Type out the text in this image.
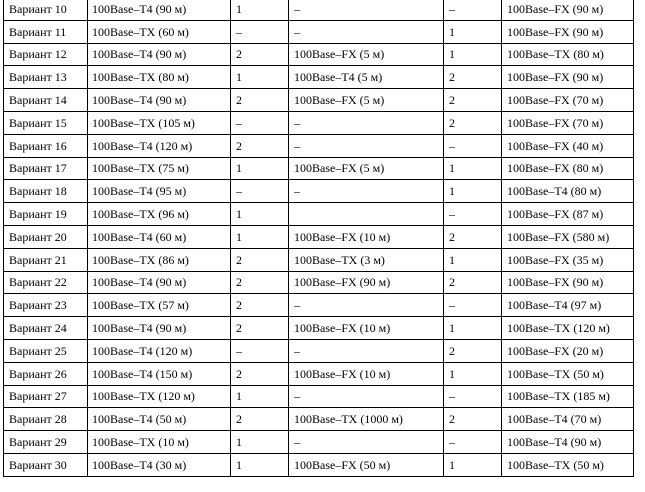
Вариант 10	100Base–T4 (90 м)	1	–	–	100Base–FX (90 м)
Вариант 11	100Base–TX (60 м)	–	–	1	100Base–FX (90 м)
Вариант 12	100Base–T4 (90 м)	2	100Base–FX (5 м)	1	100Base–TX (80 м)
Вариант 13	100Base–TX (80 м)	1	100Base–T4 (5 м)	2	100Base–FX (90 м)
Вариант 14	100Base–T4 (90 м)	2	100Base–FX (5 м)	2	100Base–FX (70 м)
Вариант 15	100Base–TX (105 м)	–	–	2	100Base–FX (70 м)
Вариант 16	100Base–T4 (120 м)	2	–	–	100Base–FX (40 м)
Вариант 17	100Base–TX (75 м)	1	100Base–FX (5 м)	1	100Base–FX (80 м)
Вариант 18	100Base–T4 (95 м)	–	–	1	100Base–T4 (80 м)
Вариант 19	100Base–TX (96 м)	1		–	100Base–FX (87 м)
Вариант 20	100Base–T4 (60 м)	1	100Base–FX (10 м)	2	100Base–FX (580 м)
Вариант 21	100Base–TX (86 м)	2	100Base–TX (3 м)	1	100Base–FX (35 м)
Вариант 22	100Base–T4 (90 м)	2	100Base–FX (90 м)	2	100Base–FX (90 м)
Вариант 23	100Base–TX (57 м)	2	–	–	100Base–T4 (97 м)
Вариант 24	100Base–T4 (90 м)	2	100Base–FX (10 м)	1	100Base–TX (120 м)
Вариант 25	100Base–T4 (120 м)	–	–	2	100Base–FX (20 м)
Вариант 26	100Base–T4 (150 м)	2	100Base–FX (10 м)	1	100Base–TX (50 м)
Вариант 27	100Base–TX (120 м)	1	–	–	100Base–TX (185 м)
Вариант 28	100Base–T4 (50 м)	2	100Base–TX (1000 м)	2	100Base–T4 (70 м)
Вариант 29	100Base–TX (10 м)	1	–	–	100Base–T4 (90 м)
Вариант 30	100Base–T4 (30 м)	1	100Base–FX (50 м)	1	100Base–TX (50 м)
